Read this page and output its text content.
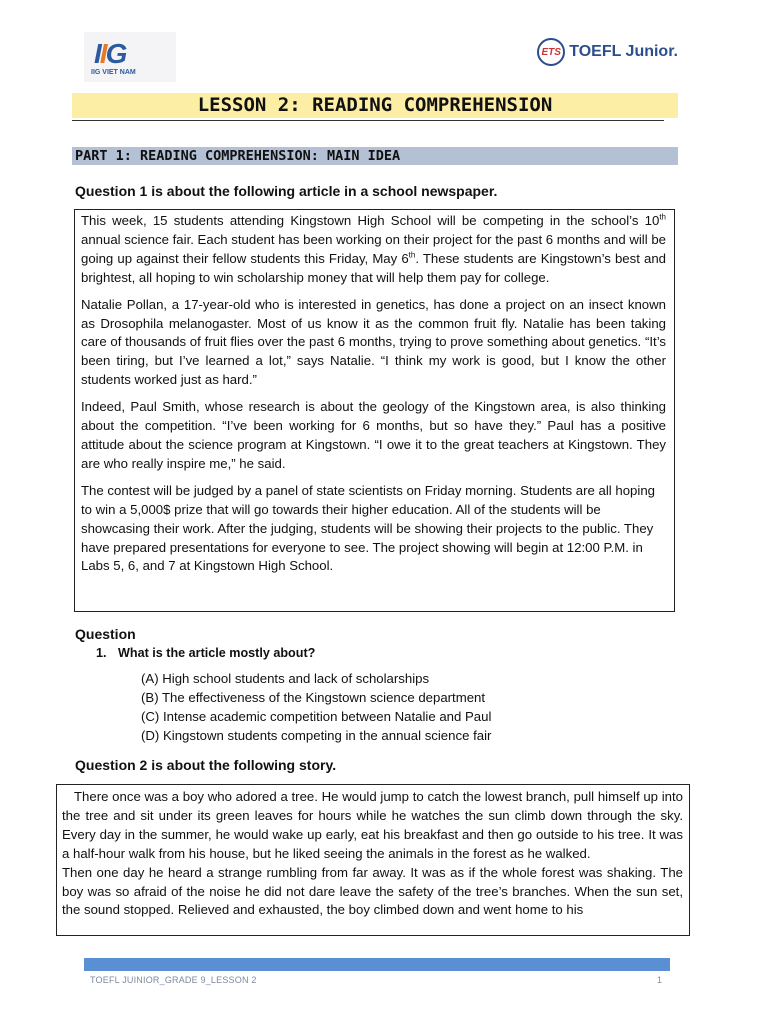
IIG
IIG VIET NAM
ETS TOEFL Junior.
LESSON 2: READING COMPREHENSION
PART 1: READING COMPREHENSION: MAIN IDEA
Question 1 is about the following article in a school newspaper.

This week, 15 students attending Kingstown High School will be competing in the school’s 10th annual science fair. Each student has been working on their project for the past 6 months and will be going up against their fellow students this Friday, May 6th. These students are Kingstown’s best and brightest, all hoping to win scholarship money that will help them pay for college.

Natalie Pollan, a 17-year-old who is interested in genetics, has done a project on an insect known as Drosophila melanogaster. Most of us know it as the common fruit fly. Natalie has been taking care of thousands of fruit flies over the past 6 months, trying to prove something about genetics. “It’s been tiring, but I’ve learned a lot,” says Natalie. “I think my work is good, but I know the other students worked just as hard.”

Indeed, Paul Smith, whose research is about the geology of the Kingstown area, is also thinking about the competition. “I’ve been working for 6 months, but so have they.” Paul has a positive attitude about the science program at Kingstown. “I owe it to the great teachers at Kingstown. They are who really inspire me,” he said.

The contest will be judged by a panel of state scientists on Friday morning. Students are all hoping to win a 5,000$ prize that will go towards their higher education. All of the students will be showcasing their work. After the judging, students will be showing their projects to the public. They have prepared presentations for everyone to see. The project showing will begin at 12:00 P.M. in Labs 5, 6, and 7 at Kingstown High School.

Question
1. What is the article mostly about?
(A) High school students and lack of scholarships
(B) The effectiveness of the Kingstown science department
(C) Intense academic competition between Natalie and Paul
(D) Kingstown students competing in the annual science fair
Question 2 is about the following story.
There once was a boy who adored a tree. He would jump to catch the lowest branch, pull himself up into the tree and sit under its green leaves for hours while he watches the sun climb down through the sky. Every day in the summer, he would wake up early, eat his breakfast and then go outside to his tree. It was a half-hour walk from his house, but he liked seeing the animals in the forest as he walked.
Then one day he heard a strange rumbling from far away. It was as if the whole forest was shaking. The boy was so afraid of the noise he did not dare leave the safety of the tree’s branches. When the sun set, the sound stopped. Relieved and exhausted, the boy climbed down and went home to his
TOEFL JUINIOR_GRADE 9_LESSON 2	1
